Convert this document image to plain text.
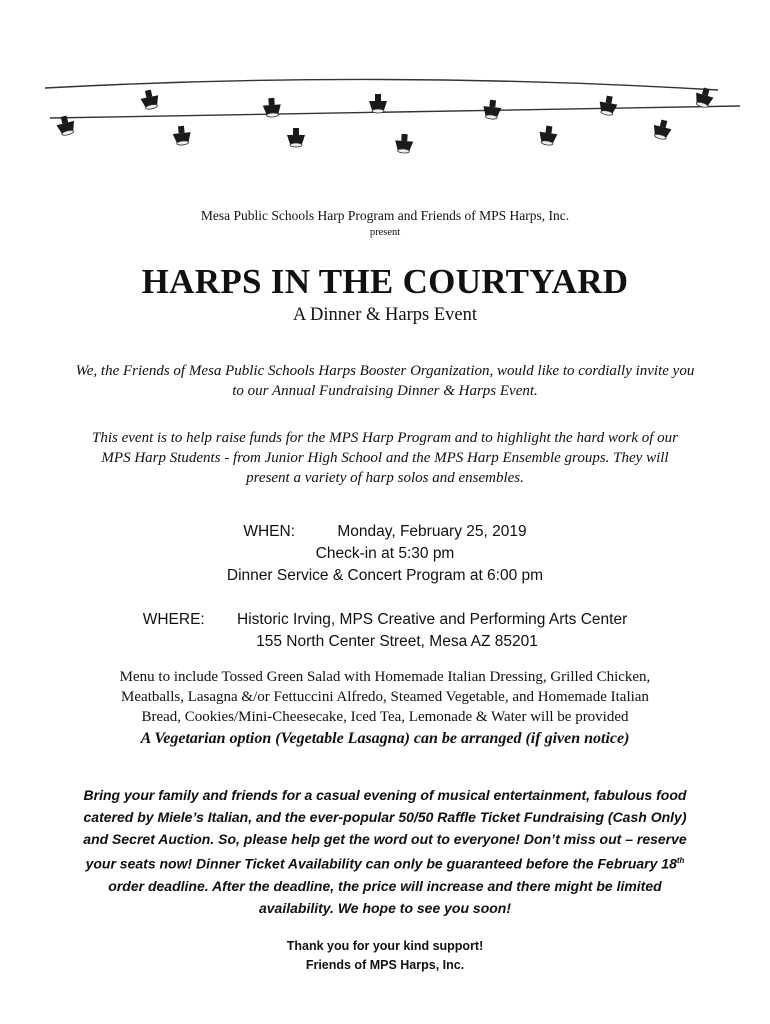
Mesa Public Schools Harp Program and Friends of MPS Harps, Inc.
present
HARPS IN THE COURTYARD
A Dinner & Harps Event
We, the Friends of Mesa Public Schools Harps Booster Organization, would like to cordially invite you
to our Annual Fundraising Dinner & Harps Event.
This event is to help raise funds for the MPS Harp Program and to highlight the hard work of our
MPS Harp Students - from Junior High School and the MPS Harp Ensemble groups. They will
present a variety of harp solos and ensembles.
WHEN:	Monday, February 25, 2019
Check-in at 5:30 pm
Dinner Service & Concert Program at 6:00 pm
WHERE: Historic Irving, MPS Creative and Performing Arts Center
155 North Center Street, Mesa AZ 85201
Menu to include Tossed Green Salad with Homemade Italian Dressing, Grilled Chicken,
Meatballs, Lasagna &/or Fettuccini Alfredo, Steamed Vegetable, and Homemade Italian
Bread, Cookies/Mini-Cheesecake, Iced Tea, Lemonade & Water will be provided
A Vegetarian option (Vegetable Lasagna) can be arranged (if given notice)
Bring your family and friends for a casual evening of musical entertainment, fabulous food
catered by Miele’s Italian, and the ever-popular 50/50 Raffle Ticket Fundraising (Cash Only)
and Secret Auction. So, please help get the word out to everyone! Don’t miss out – reserve
your seats now! Dinner Ticket Availability can only be guaranteed before the February 18th
order deadline. After the deadline, the price will increase and there might be limited
availability. We hope to see you soon!
Thank you for your kind support!
Friends of MPS Harps, Inc.
